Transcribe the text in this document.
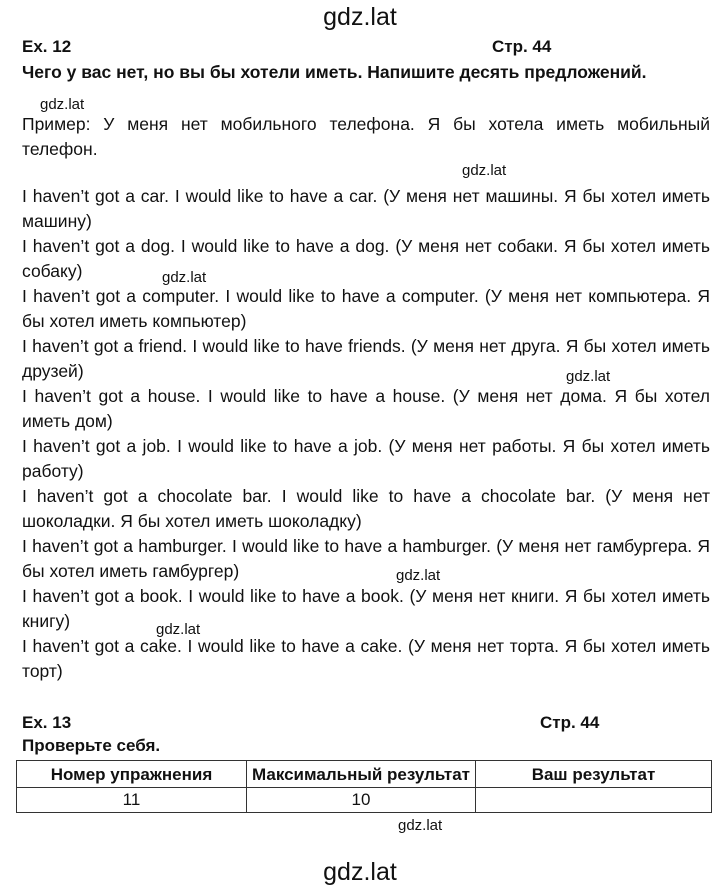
gdz.lat
Ex. 12	Стр. 44
Чего у вас нет, но вы бы хотели иметь. Напишите десять предложений.
gdz.lat
Пример: У меня нет мобильного телефона. Я бы хотела иметь мобильный телефон.
gdz.lat

I haven’t got a car. I would like to have a car. (У меня нет машины. Я бы хотел иметь машину)

I haven’t got a dog. I would like to have a dog. (У меня нет собаки. Я бы хотел иметь собаку)

I haven’t got a computer. I would like to have a computer. (У меня нет компьютера. Я бы хотел иметь компьютер)

I haven’t got a friend. I would like to have friends. (У меня нет друга. Я бы хотел иметь друзей)

I haven’t got a house. I would like to have a house. (У меня нет дома. Я бы хотел иметь дом)

I haven’t got a job. I would like to have a job. (У меня нет работы. Я бы хотел иметь работу)

I haven’t got a chocolate bar. I would like to have a chocolate bar. (У меня нет шоколадки. Я бы хотел иметь шоколадку)

I haven’t got a hamburger. I would like to have a hamburger. (У меня нет гамбургера. Я бы хотел иметь гамбургер)

I haven’t got a book. I would like to have a book. (У меня нет книги. Я бы хотел иметь книгу)

I haven’t got a cake. I would like to have a cake. (У меня нет торта. Я бы хотел иметь торт)

gdz.lat
gdz.lat
gdz.lat
gdz.lat
Ex. 13	Стр. 44
Проверьте себя.
Номер упражнения	Максимальный результат	Ваш результат
11	10	
gdz.lat
gdz.lat
